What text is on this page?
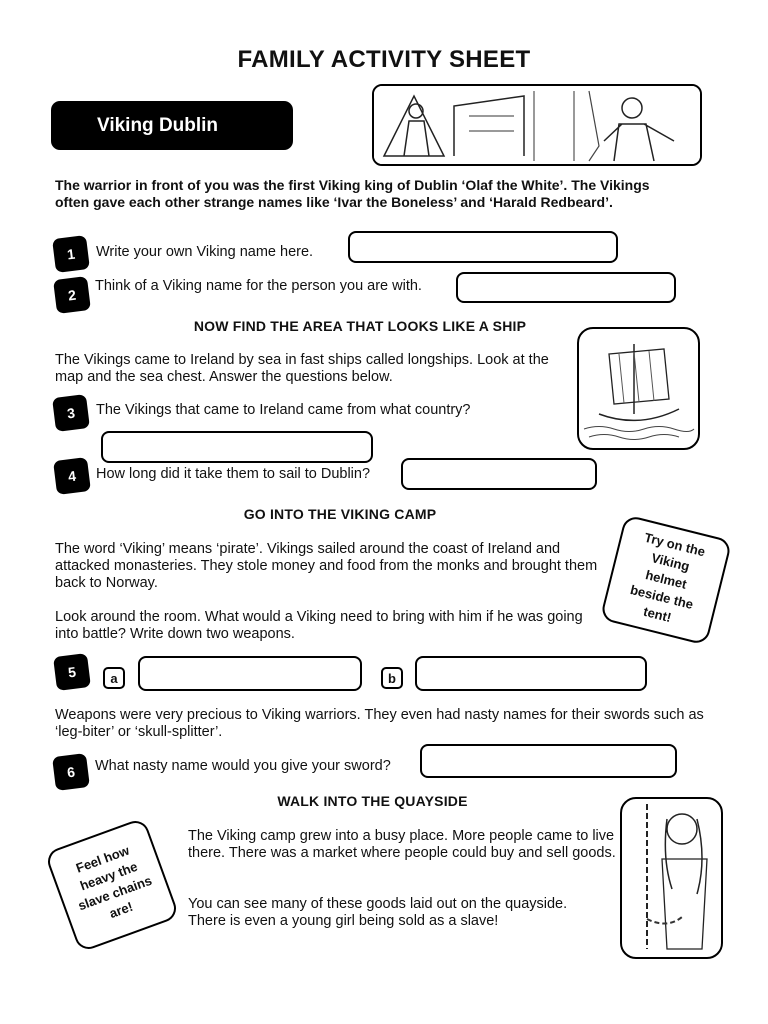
FAMILY ACTIVITY SHEET
Viking Dublin
The warrior in front of you was the first Viking king of Dublin ‘Olaf the White’. The Vikings often gave each other strange names like ‘Ivar the Boneless’ and ‘Harald Redbeard’.
1	Write your own Viking name here.
2
Think of a Viking name for the person you are with.
NOW FIND THE AREA THAT LOOKS LIKE A SHIP
The Vikings came to Ireland by sea in fast ships called longships. Look at the map and the sea chest. Answer the questions below.
3	The Vikings that came to Ireland came from what country?
4	How long did it take them to sail to Dublin?
GO INTO THE VIKING CAMP
The word ‘Viking’ means ‘pirate’. Vikings sailed around the coast of Ireland and attacked monasteries. They stole money and food from the monks and brought them back to Norway.
Look around the room. What would a Viking need to bring with him if he was going into battle? Write down two weapons.
Try on the Viking helmet beside the tent!
5	a	b
Weapons were very precious to Viking warriors. They even had nasty names for their swords such as ‘leg-biter’ or ‘skull-splitter’.
6	What nasty name would you give your sword?
WALK INTO THE QUAYSIDE
The Viking camp grew into a busy place. More people came to live there. There was a market where people could buy and sell goods.
You can see many of these goods laid out on the quayside. There is even a young girl being sold as a slave!
Feel how heavy the slave chains are!
